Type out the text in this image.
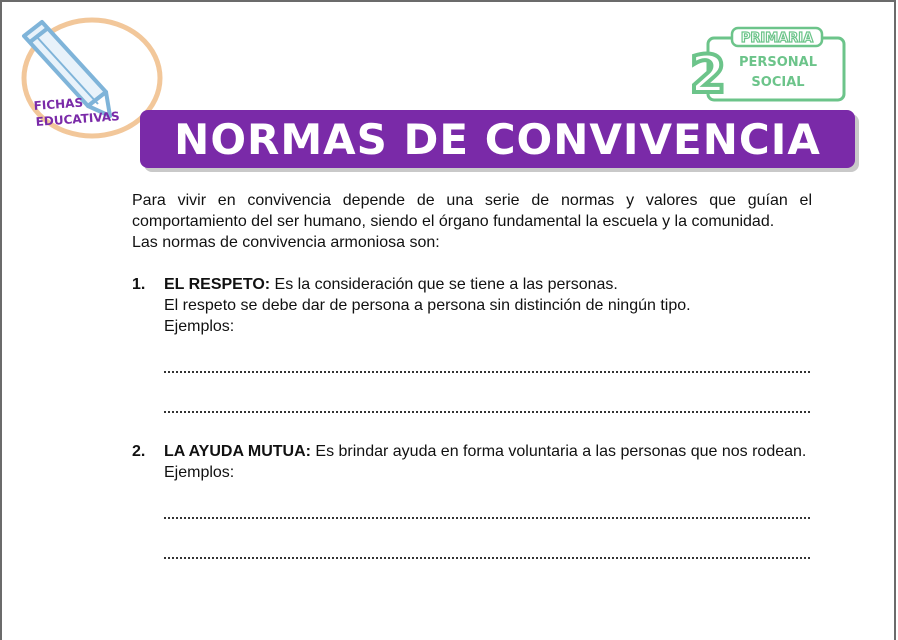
FICHAS
EDUCATIVAS
PRIMARIA
2 PERSONAL
SOCIAL
NORMAS DE CONVIVENCIA

Para vivir en convivencia depende de una serie de normas y valores que guían el comportamiento del ser humano, siendo el órgano fundamental la escuela y la comunidad.

Las normas de convivencia armoniosa son:

1. EL RESPETO: Es la consideración que se tiene a las personas.

El respeto se debe dar de persona a persona sin distinción de ningún tipo.

Ejemplos:

2. LA AYUDA MUTUA: Es brindar ayuda en forma voluntaria a las personas que nos rodean.

Ejemplos:
